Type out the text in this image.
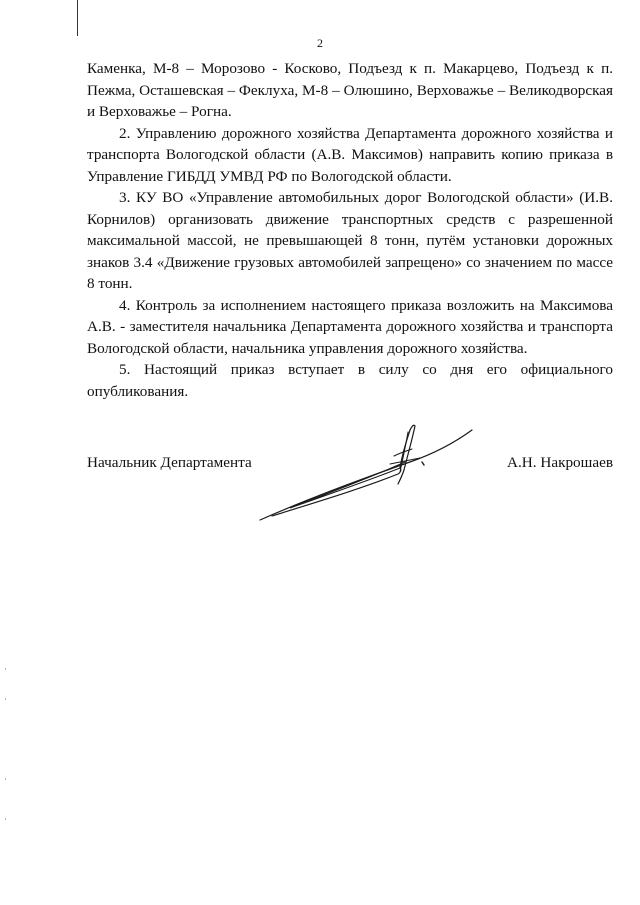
2

Каменка, М-8 – Морозово - Косково, Подъезд к п. Макарцево, Подъезд к п. Пежма, Осташевская – Феклуха, М-8 – Олюшино, Верховажье – Великодворская и Верховажье – Рогна.

2. Управлению дорожного хозяйства Департамента дорожного хозяйства и транспорта Вологодской области (А.В. Максимов) направить копию приказа в Управление ГИБДД УМВД РФ по Вологодской области.

3. КУ ВО «Управление автомобильных дорог Вологодской области» (И.В. Корнилов) организовать движение транспортных средств с разрешенной максимальной массой, не превышающей 8 тонн, путём установки дорожных знаков 3.4 «Движение грузовых автомобилей запрещено» со значением по массе 8 тонн.

4. Контроль за исполнением настоящего приказа возложить на Максимова А.В. - заместителя начальника Департамента дорожного хозяйства и транспорта Вологодской области, начальника управления дорожного хозяйства.

5. Настоящий приказ вступает в силу со дня его официального опубликования.

Начальник Департамента	А.Н. Накрошаев
